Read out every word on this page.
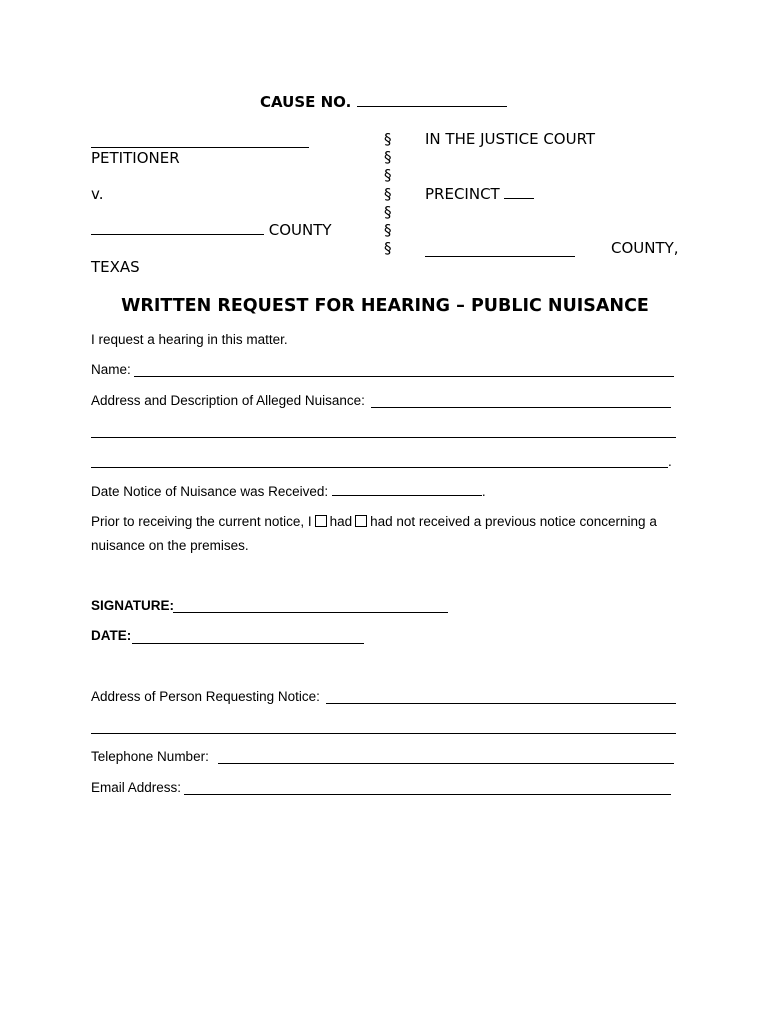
CAUSE NO.
PETITIONER
v.
COUNTY
TEXAS
§
§
§
§
§
§
§
IN THE JUSTICE COURT
PRECINCT
COUNTY,
WRITTEN REQUEST FOR HEARING – PUBLIC NUISANCE
I request a hearing in this matter.
Name:
Address and Description of Alleged Nuisance:
.
Date Notice of Nuisance was Received:	.
Prior to receiving the current notice, I had had not received a previous notice concerning a
nuisance on the premises.
SIGNATURE:
DATE:
Address of Person Requesting Notice:
Telephone Number:
Email Address:
